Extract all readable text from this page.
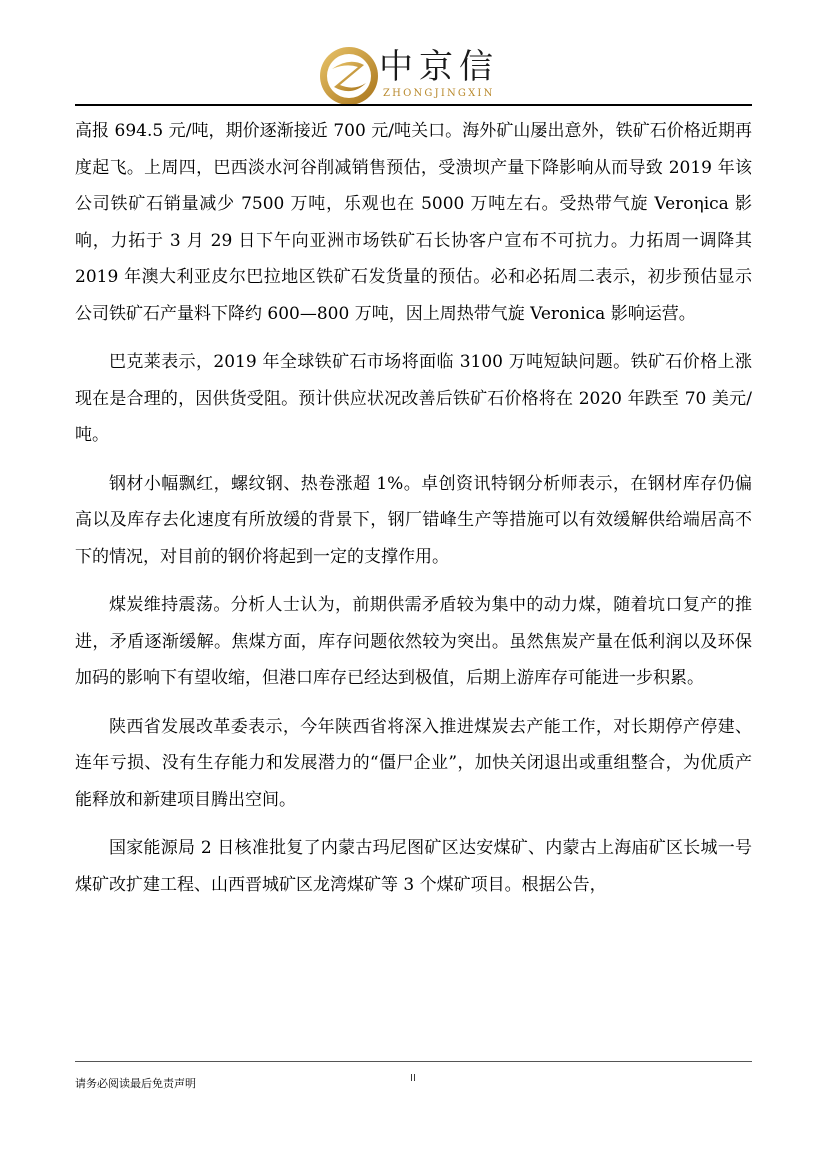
中京信
ZHONGJINGXIN

高报 694.5 元/吨，期价逐渐接近 700 元/吨关口。海外矿山屡出意外，铁矿石价格近期再度起飞。上周四，巴西淡水河谷削减销售预估，受溃坝产量下降影响从而导致 2019 年该公司铁矿石销量减少 7500 万吨，乐观也在 5000 万吨左右。受热带气旋 Veroηica 影响，力拓于 3 月 29 日下午向亚洲市场铁矿石长协客户宣布不可抗力。力拓周一调降其 2019 年澳大利亚皮尔巴拉地区铁矿石发货量的预估。必和必拓周二表示，初步预估显示公司铁矿石产量料下降约 600—800 万吨，因上周热带气旋 Veronica 影响运营。

巴克莱表示，2019 年全球铁矿石市场将面临 3100 万吨短缺问题。铁矿石价格上涨现在是合理的，因供货受阻。预计供应状况改善后铁矿石价格将在 2020 年跌至 70 美元/吨。

钢材小幅飘红，螺纹钢、热卷涨超 1%。卓创资讯特钢分析师表示，在钢材库存仍偏高以及库存去化速度有所放缓的背景下，钢厂错峰生产等措施可以有效缓解供给端居高不下的情况，对目前的钢价将起到一定的支撑作用。

煤炭维持震荡。分析人士认为，前期供需矛盾较为集中的动力煤，随着坑口复产的推进，矛盾逐渐缓解。焦煤方面，库存问题依然较为突出。虽然焦炭产量在低利润以及环保加码的影响下有望收缩，但港口库存已经达到极值，后期上游库存可能进一步积累。

陕西省发展改革委表示，今年陕西省将深入推进煤炭去产能工作，对长期停产停建、连年亏损、没有生存能力和发展潜力的“僵尸企业”，加快关闭退出或重组整合，为优质产能释放和新建项目腾出空间。

国家能源局 2 日核准批复了内蒙古玛尼图矿区达安煤矿、内蒙古上海庙矿区长城一号煤矿改扩建工程、山西晋城矿区龙湾煤矿等 3 个煤矿项目。根据公告，

请务必阅读最后免责声明	II
